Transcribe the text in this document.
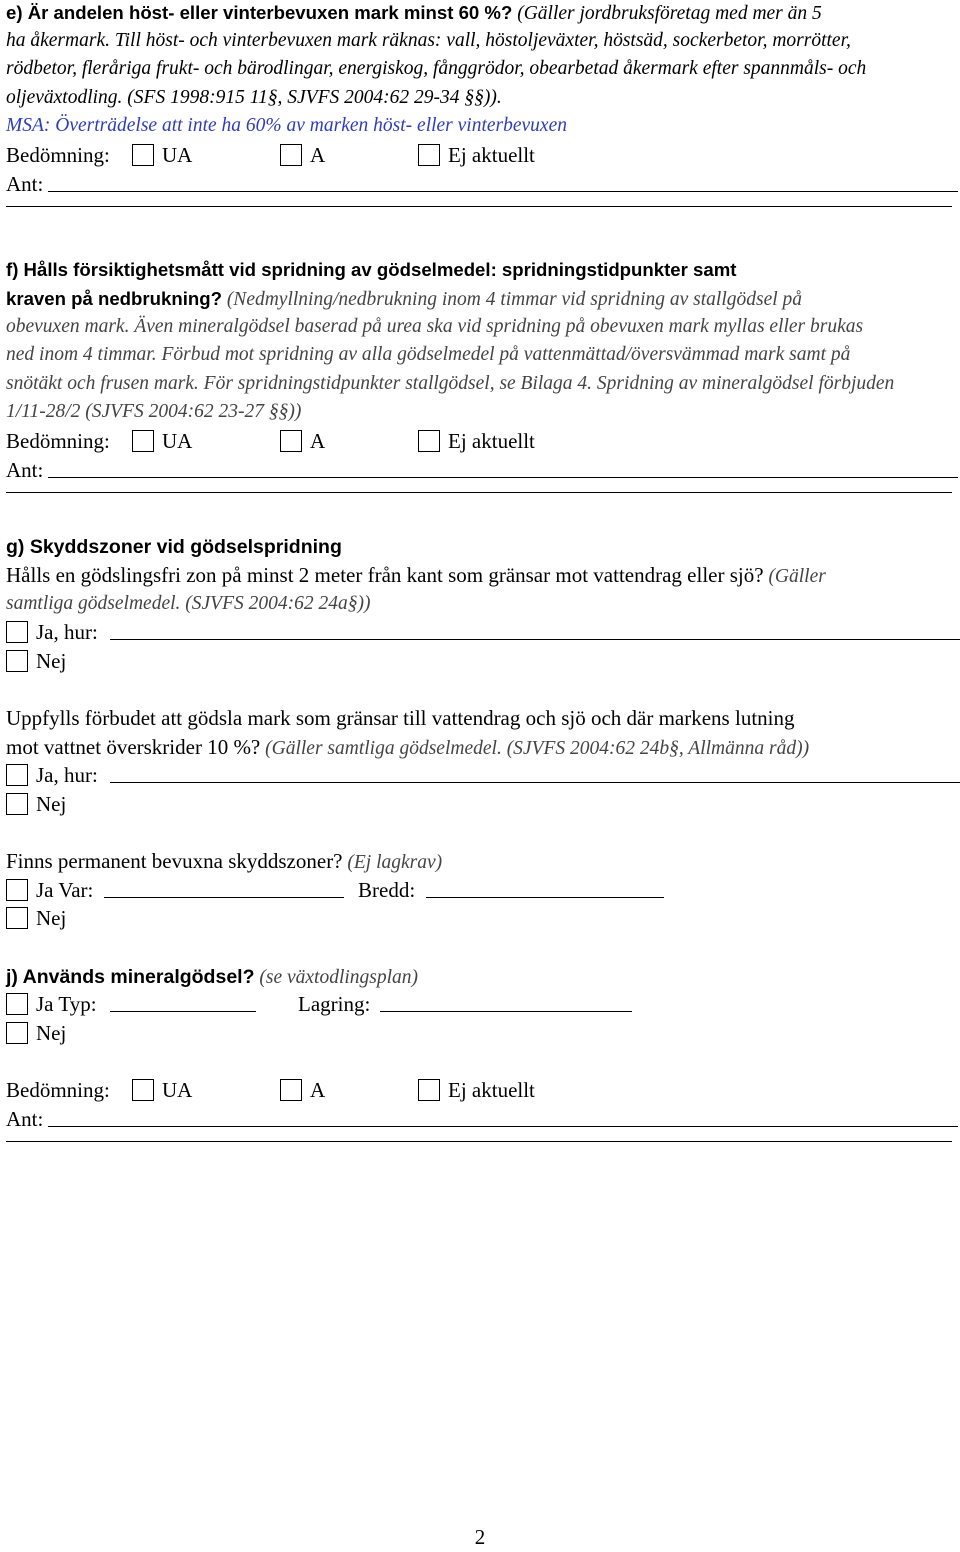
e) Är andelen höst- eller vinterbevuxen mark minst 60 %? (Gäller jordbruksföretag med mer än 5
ha åkermark. Till höst- och vinterbevuxen mark räknas: vall, höstoljeväxter, höstsäd, sockerbetor, morrötter,
rödbetor, fleråriga frukt- och bärodlingar, energiskog, fånggrödor, obearbetad åkermark efter spannmåls- och
oljeväxtodling. (SFS 1998:915 11§, SJVFS 2004:62 29-34 §§)).
MSA: Överträdelse att inte ha 60% av marken höst- eller vinterbevuxen
Bedömning:	UA	A	Ej aktuellt
Ant:
f) Hålls försiktighetsmått vid spridning av gödselmedel: spridningstidpunkter samt
kraven på nedbrukning? (Nedmyllning/nedbrukning inom 4 timmar vid spridning av stallgödsel på
obevuxen mark. Även mineralgödsel baserad på urea ska vid spridning på obevuxen mark myllas eller brukas
ned inom 4 timmar. Förbud mot spridning av alla gödselmedel på vattenmättad/översvämmad mark samt på
snötäkt och frusen mark. För spridningstidpunkter stallgödsel, se Bilaga 4. Spridning av mineralgödsel förbjuden
1/11-28/2 (SJVFS 2004:62 23-27 §§))
Bedömning:	UA	A	Ej aktuellt
Ant:
g) Skyddszoner vid gödselspridning
Hålls en gödslingsfri zon på minst 2 meter från kant som gränsar mot vattendrag eller sjö? (Gäller
samtliga gödselmedel. (SJVFS 2004:62 24a§))
Ja, hur:
Nej
Uppfylls förbudet att gödsla mark som gränsar till vattendrag och sjö och där markens lutning
mot vattnet överskrider 10 %? (Gäller samtliga gödselmedel. (SJVFS 2004:62 24b§, Allmänna råd))
Ja, hur:
Nej
Finns permanent bevuxna skyddszoner? (Ej lagkrav)
Ja Var:	Bredd:
Nej
j) Används mineralgödsel? (se växtodlingsplan)
Ja Typ:	Lagring:
Nej
Bedömning:	UA	A	Ej aktuellt
Ant:
2
